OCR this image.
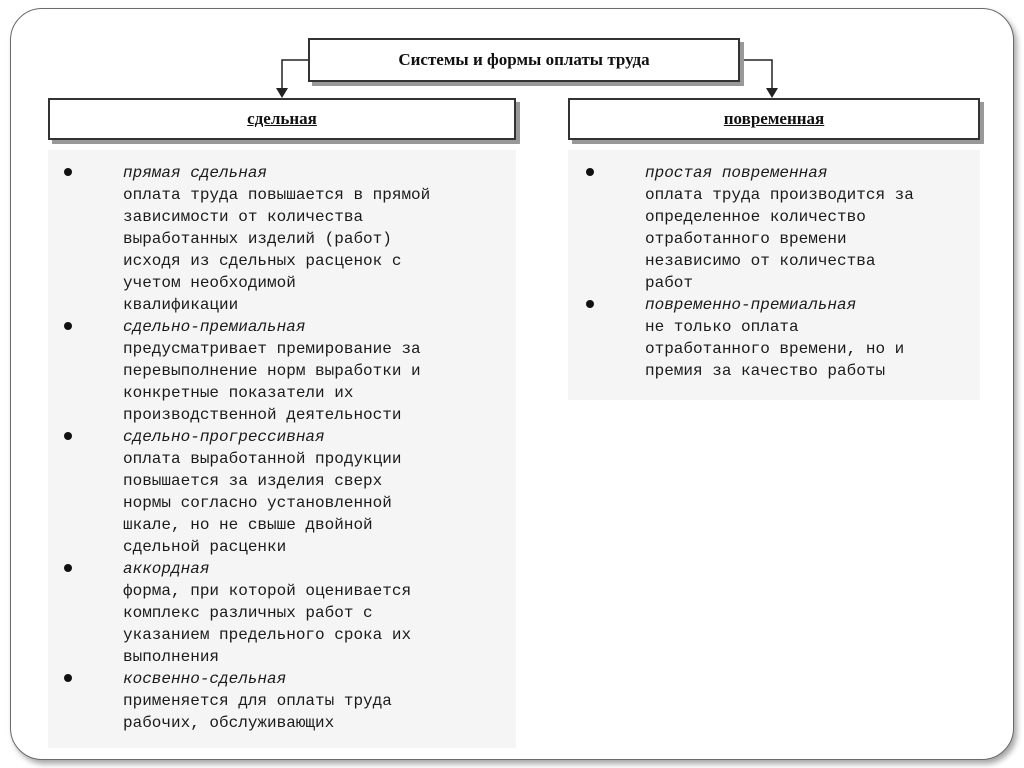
Системы и формы оплаты труда
сдельная	повременная
прямая сдельная
оплата труда повышается в прямой
зависимости от количества
выработанных изделий (работ)
исходя из сдельных расценок с
учетом необходимой
квалификации
сдельно-премиальная
предусматривает премирование за
перевыполнение норм выработки и
конкретные показатели их
производственной деятельности
сдельно-прогрессивная
оплата выработанной продукции
повышается за изделия сверх
нормы согласно установленной
шкале, но не свыше двойной
сдельной расценки
аккордная
форма, при которой оценивается
комплекс различных работ с
указанием предельного срока их
выполнения
косвенно-сдельная
применяется для оплаты труда
рабочих, обслуживающих
простая повременная
оплата труда производится за
определенное количество
отработанного времени
независимо от количества
работ
повременно-премиальная
не только оплата
отработанного времени, но и
премия за качество работы
